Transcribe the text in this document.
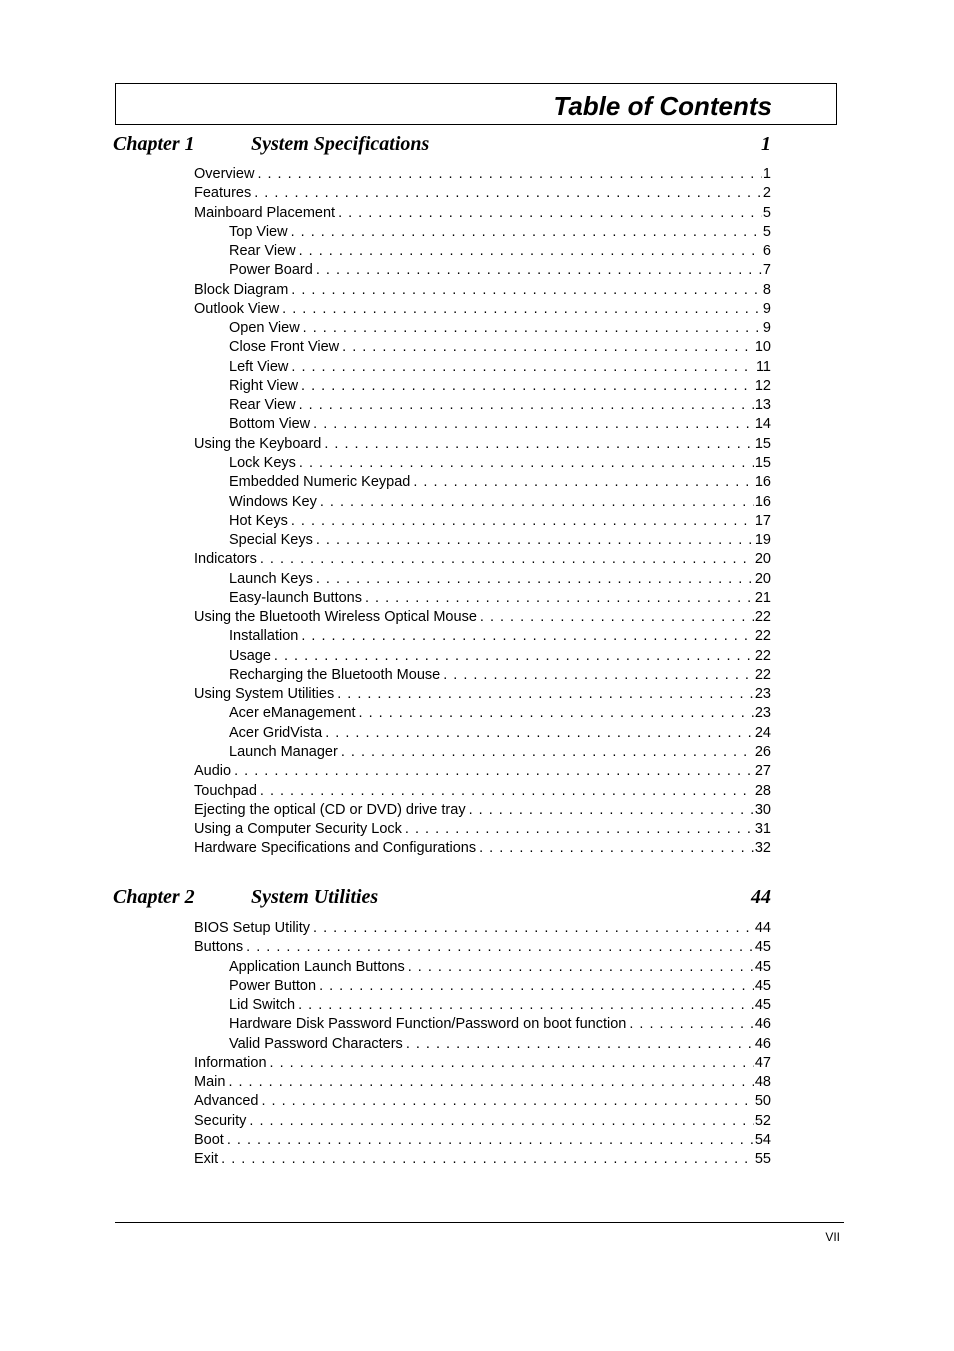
Table of Contents
Chapter 1	System Specifications	1
Overview . . .	1
Features . . .	2
Mainboard Placement . . .	5
Top View . . .	5
Rear View . . .	6
Power Board . . .	7
Block Diagram . . .	8
Outlook View . . .	9
Open View . . .	9
Close Front View . . .	10
Left View . . .	11
Right View . . .	12
Rear View . . .	13
Bottom View . . .	14
Using the Keyboard . . .	15
Lock Keys . . .	15
Embedded Numeric Keypad . . .	16
Windows Key . . .	16
Hot Keys . . .	17
Special Keys . . .	19
Indicators . . .	20
Launch Keys . . .	20
Easy-launch Buttons . . .	21
Using the Bluetooth Wireless Optical Mouse . . .	22
Installation . . .	22
Usage . . .	22
Recharging the Bluetooth Mouse . . .	22
Using System Utilities . . .	23
Acer eManagement . . .	23
Acer GridVista . . .	24
Launch Manager . . .	26
Audio . . .	27
Touchpad . . .	28
Ejecting the optical (CD or DVD) drive tray . . .	30
Using a Computer Security Lock . . .	31
Hardware Specifications and Configurations . . .	32
Chapter 2	System Utilities	44
BIOS Setup Utility . . .	44
Buttons . . .	45
Application Launch Buttons . . .	45
Power Button . . .	45
Lid Switch . . .	45
Hardware Disk Password Function/Password on boot function . . .	46
Valid Password Characters . . .	46
Information . . .	47
Main . . .	48
Advanced . . .	50
Security . . .	52
Boot . . .	54
Exit . . .	55
VII
